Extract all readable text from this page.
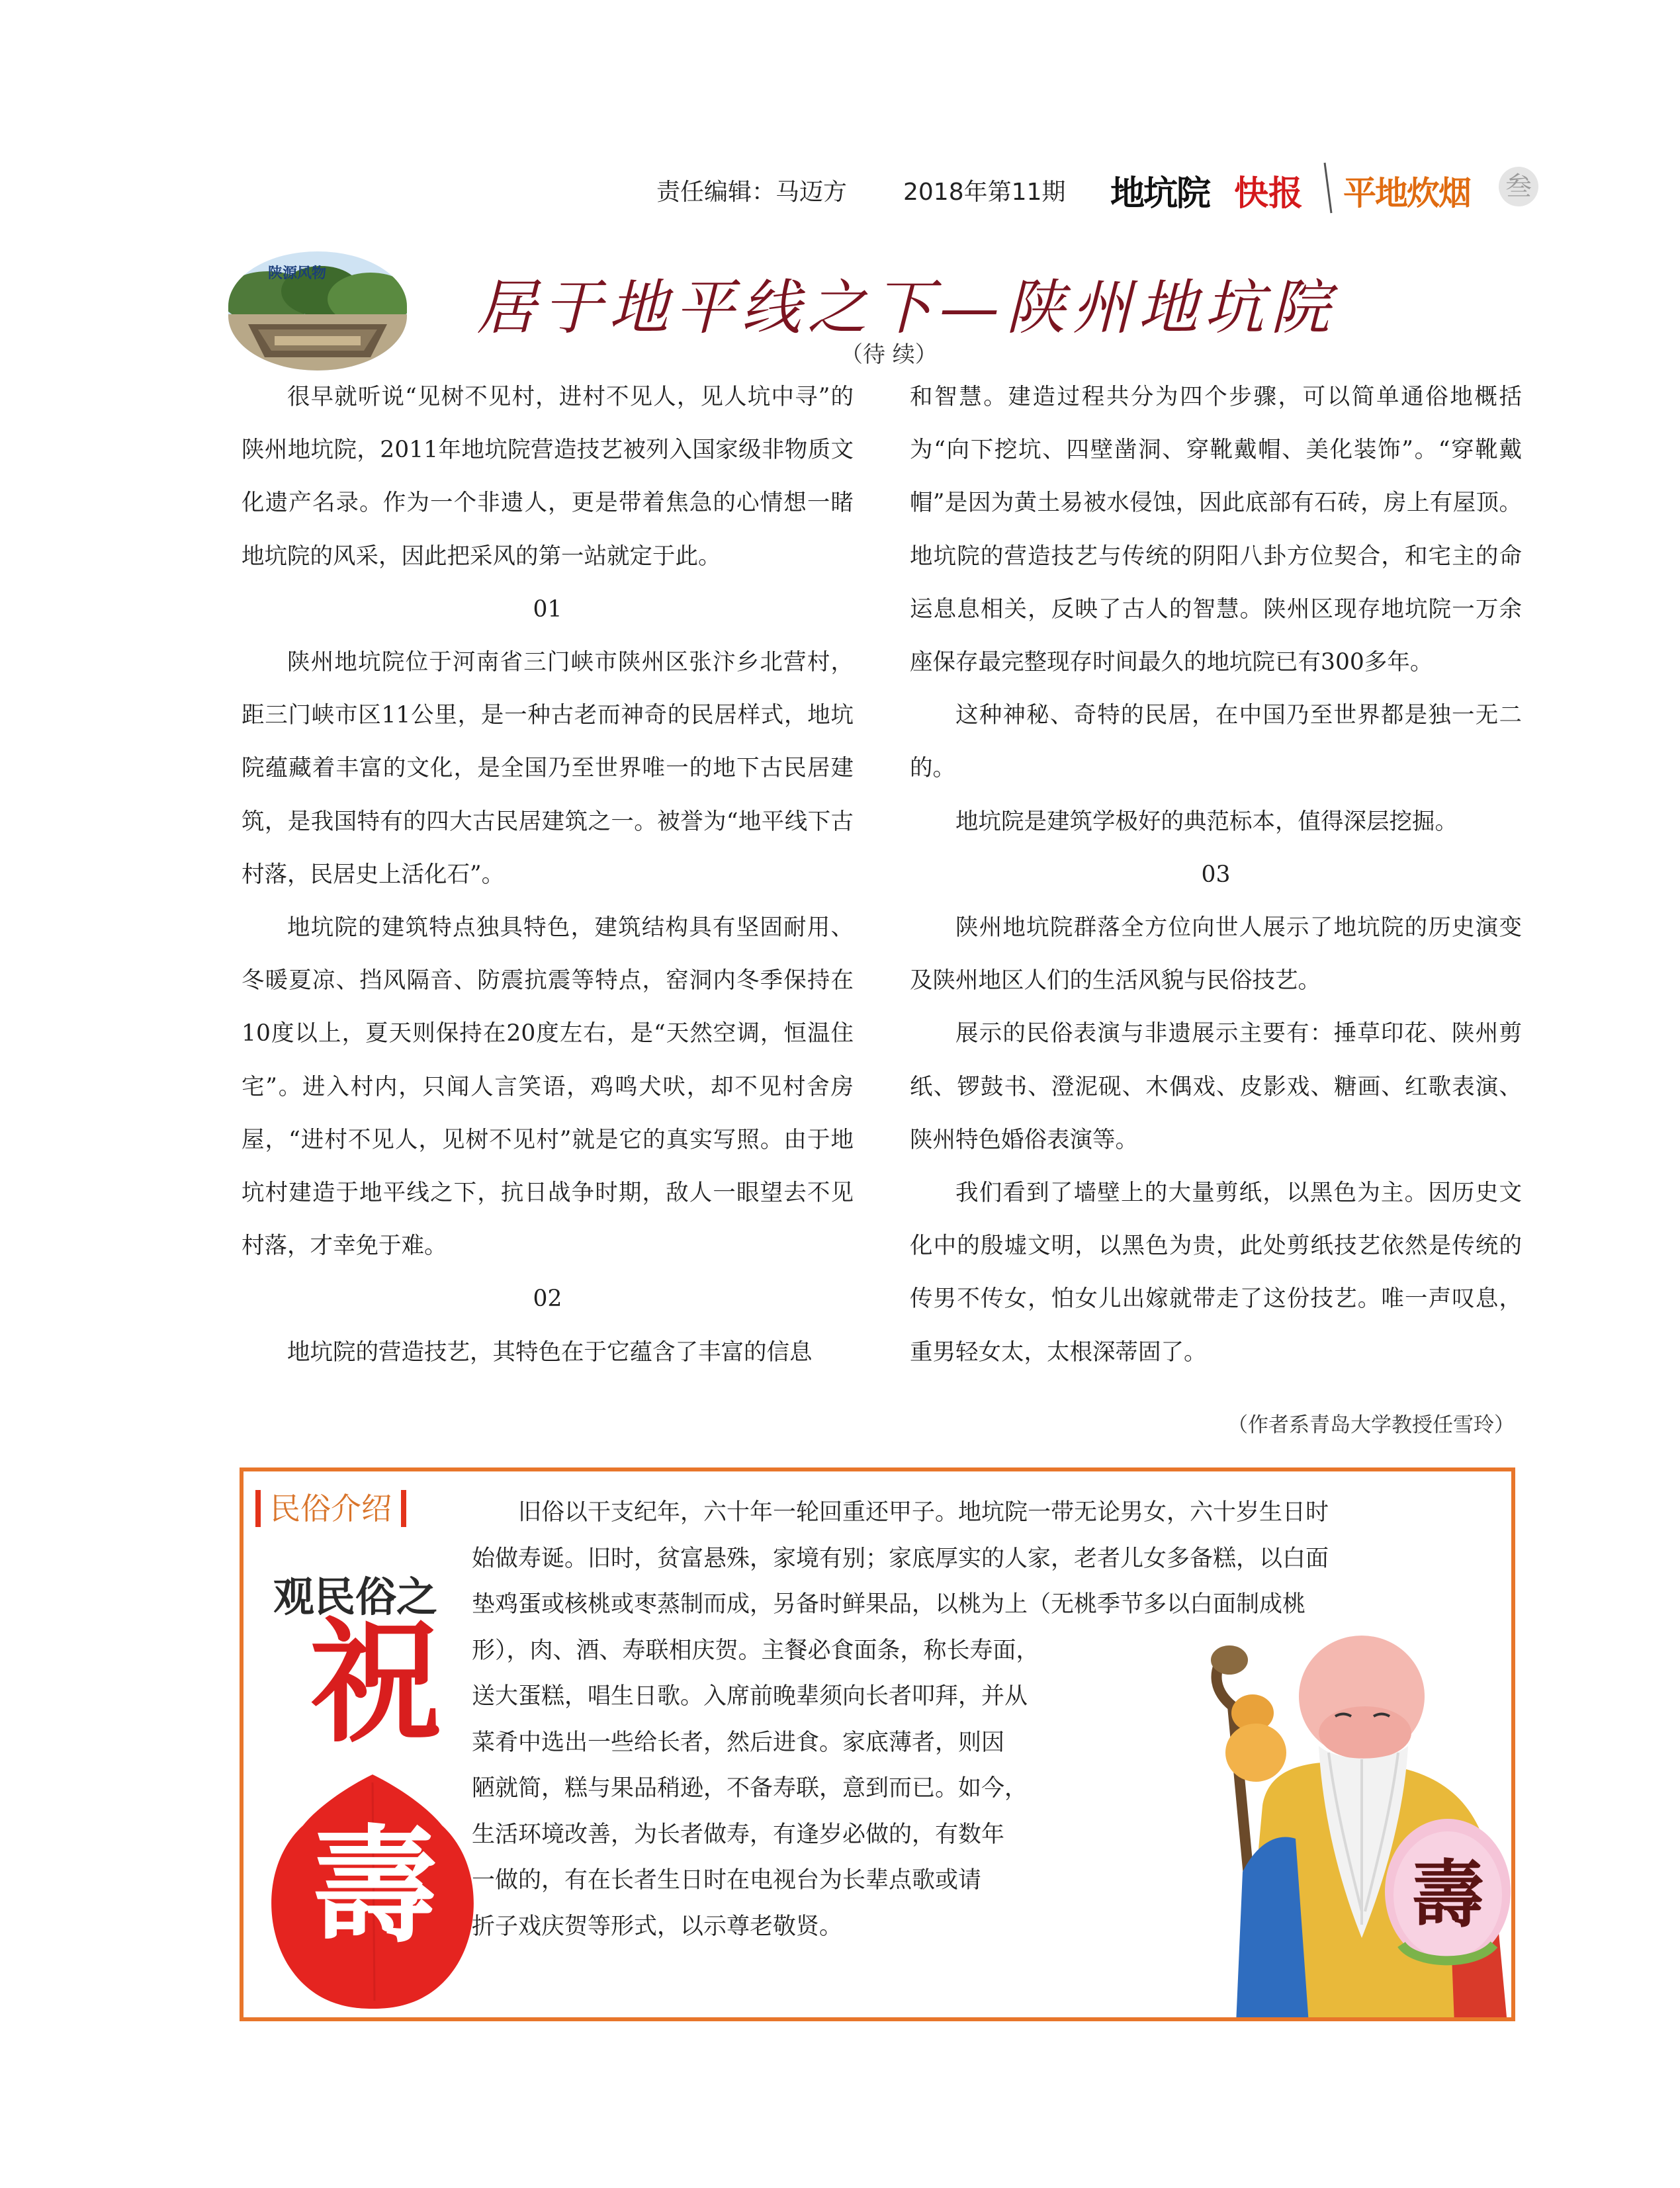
责任编辑：马迈方 2018年第11期 地坑院 快报 平地炊烟 叁
陕源风物	居于地平线之下—陕州地坑院
（待 续）

很早就听说“见树不见村，进村不见人，见人坑中寻”的陕州地坑院，2011年地坑院营造技艺被列入国家级非物质文化遗产名录。作为一个非遗人，更是带着焦急的心情想一睹地坑院的风采，因此把采风的第一站就定于此。

01

陕州地坑院位于河南省三门峡市陕州区张汴乡北营村，距三门峡市区11公里，是一种古老而神奇的民居样式，地坑院蕴藏着丰富的文化，是全国乃至世界唯一的地下古民居建筑，是我国特有的四大古民居建筑之一。被誉为“地平线下古村落，民居史上活化石”。

地坑院的建筑特点独具特色，建筑结构具有坚固耐用、冬暖夏凉、挡风隔音、防震抗震等特点，窑洞内冬季保持在10度以上，夏天则保持在20度左右，是“天然空调，恒温住宅”。进入村内，只闻人言笑语，鸡鸣犬吠，却不见村舍房屋，“进村不见人，见树不见村”就是它的真实写照。由于地坑村建造于地平线之下，抗日战争时期，敌人一眼望去不见村落，才幸免于难。

02

地坑院的营造技艺，其特色在于它蕴含了丰富的信息

和智慧。建造过程共分为四个步骤，可以简单通俗地概括为“向下挖坑、四壁凿洞、穿靴戴帽、美化装饰”。“穿靴戴帽”是因为黄土易被水侵蚀，因此底部有石砖，房上有屋顶。地坑院的营造技艺与传统的阴阳八卦方位契合，和宅主的命运息息相关，反映了古人的智慧。陕州区现存地坑院一万余座保存最完整现存时间最久的地坑院已有300多年。

这种神秘、奇特的民居，在中国乃至世界都是独一无二的。

地坑院是建筑学极好的典范标本，值得深层挖掘。

03

陕州地坑院群落全方位向世人展示了地坑院的历史演变及陕州地区人们的生活风貌与民俗技艺。

展示的民俗表演与非遗展示主要有：捶草印花、陕州剪纸、锣鼓书、澄泥砚、木偶戏、皮影戏、糖画、红歌表演、陕州特色婚俗表演等。

我们看到了墙壁上的大量剪纸，以黑色为主。因历史文化中的殷墟文明，以黑色为贵，此处剪纸技艺依然是传统的传男不传女，怕女儿出嫁就带走了这份技艺。唯一声叹息，重男轻女太，太根深蒂固了。

（作者系青岛大学教授任雪玲）
民俗介绍
观民俗之
祝
壽
旧俗以干支纪年，六十年一轮回重还甲子。地坑院一带无论男女，六十岁生日时
始做寿诞。旧时，贫富悬殊，家境有别；家底厚实的人家，老者儿女多备糕，以白面
垫鸡蛋或核桃或枣蒸制而成，另备时鲜果品，以桃为上（无桃季节多以白面制成桃
形），肉、酒、寿联相庆贺。主餐必食面条，称长寿面，
送大蛋糕，唱生日歌。入席前晚辈须向长者叩拜，并从
菜肴中选出一些给长者，然后进食。家底薄者，则因
陋就简，糕与果品稍逊，不备寿联，意到而已。如今，
生活环境改善，为长者做寿，有逢岁必做的，有数年
一做的，有在长者生日时在电视台为长辈点歌或请
折子戏庆贺等形式，以示尊老敬贤。	壽
